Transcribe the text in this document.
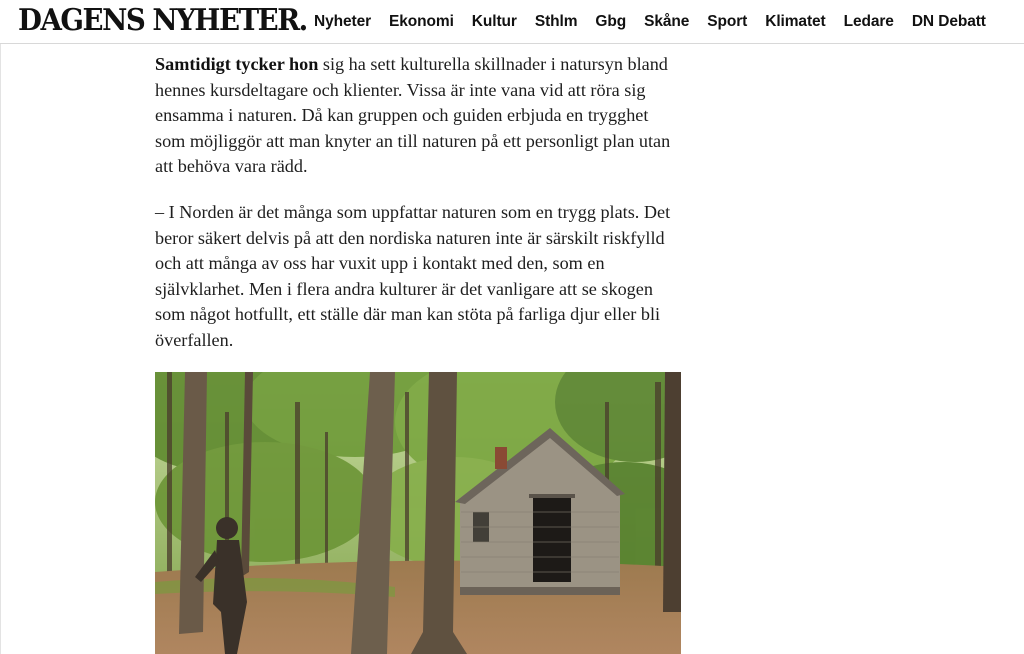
DAGENS NYHETER. Nyheter Ekonomi Kultur Sthlm Gbg Skåne Sport Klimatet Ledare DN Debatt

Samtidigt tycker hon sig ha sett kulturella skillnader i natursyn bland hennes kursdeltagare och klienter. Vissa är inte vana vid att röra sig ensamma i naturen. Då kan gruppen och guiden erbjuda en trygghet som möjliggör att man knyter an till naturen på ett personligt plan utan att behöva vara rädd.

– I Norden är det många som uppfattar naturen som en trygg plats. Det beror säkert delvis på att den nordiska naturen inte är särskilt riskfylld och att många av oss har vuxit upp i kontakt med den, som en självklarhet. Men i flera andra kulturer är det vanligare att se skogen som något hotfullt, ett ställe där man kan stöta på farliga djur eller bli överfallen.
